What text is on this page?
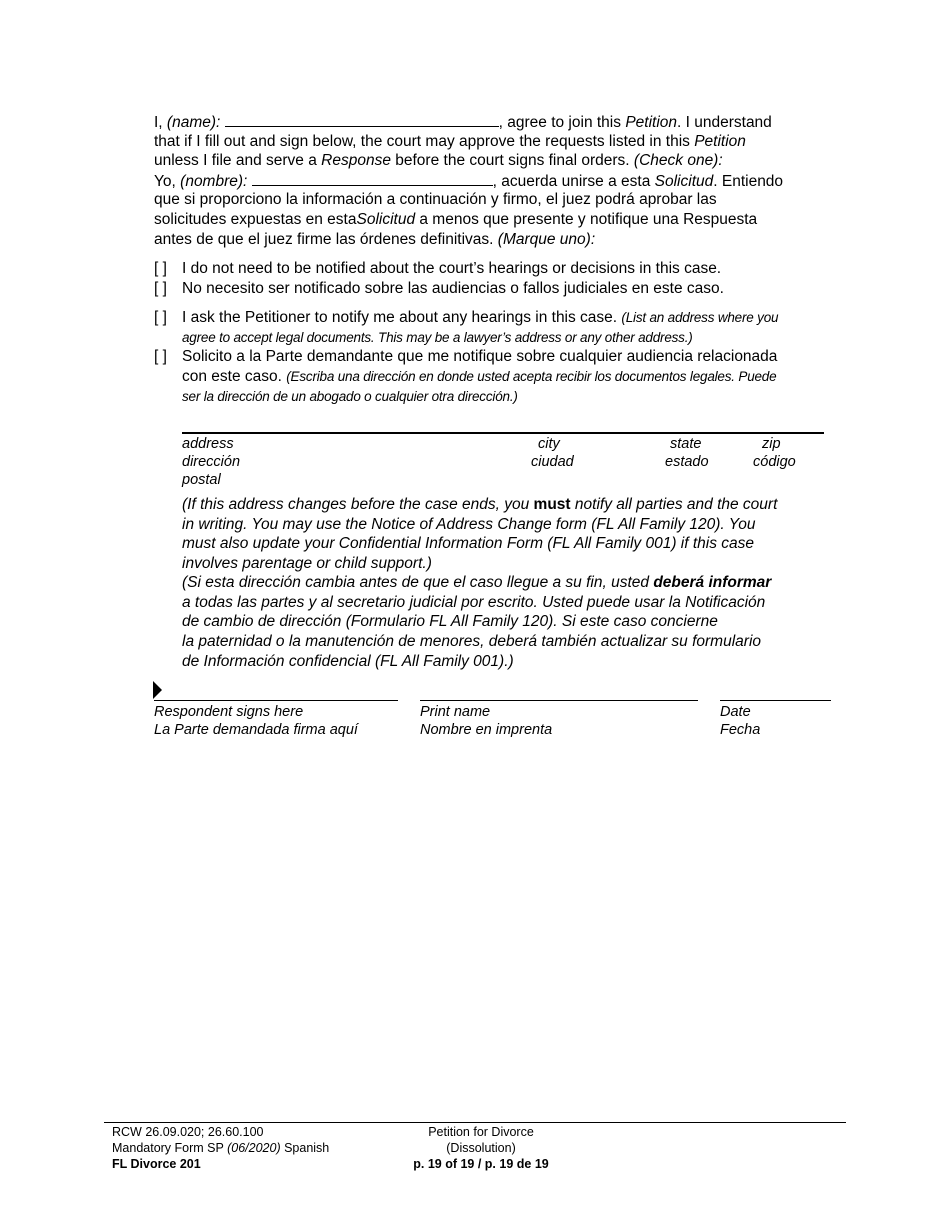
I, (name):	, agree to join this Petition. I understand
that if I fill out and sign below, the court may approve the requests listed in this Petition
unless I file and serve a Response before the court signs final orders. (Check one):
Yo, (nombre):	, acuerda unirse a esta Solicitud. Entiendo
que si proporciono la información a continuación y firmo, el juez podrá aprobar las
solicitudes expuestas en estaSolicitud a menos que presente y notifique una Respuesta
antes de que el juez firme las órdenes definitivas. (Marque uno):
[ ] I do not need to be notified about the court’s hearings or decisions in this case.
[ ] No necesito ser notificado sobre las audiencias o fallos judiciales en este caso.
[ ] I ask the Petitioner to notify me about any hearings in this case. (List an address where you
agree to accept legal documents. This may be a lawyer’s address or any other address.)
[ ] Solicito a la Parte demandante que me notifique sobre cualquier audiencia relacionada
con este caso. (Escriba una dirección en donde usted acepta recibir los documentos legales. Puede
ser la dirección de un abogado o cualquier otra dirección.)
address
dirección
postal
city
ciudad
state
estado
zip
código
(If this address changes before the case ends, you must notify all parties and the court
in writing. You may use the Notice of Address Change form (FL All Family 120). You
must also update your Confidential Information Form (FL All Family 001) if this case
involves parentage or child support.)
(Si esta dirección cambia antes de que el caso llegue a su fin, usted deberá informar
a todas las partes y al secretario judicial por escrito. Usted puede usar la Notificación
de cambio de dirección (Formulario FL All Family 120). Si este caso concierne
la paternidad o la manutención de menores, deberá también actualizar su formulario
de Información confidencial (FL All Family 001).)
Respondent signs here
La Parte demandada firma aquí
Print name
Nombre en imprenta
Date
Fecha
RCW 26.09.020; 26.60.100
Mandatory Form SP (06/2020) Spanish
FL Divorce 201
Petition for Divorce
(Dissolution)
p. 19 of 19 / p. 19 de 19
